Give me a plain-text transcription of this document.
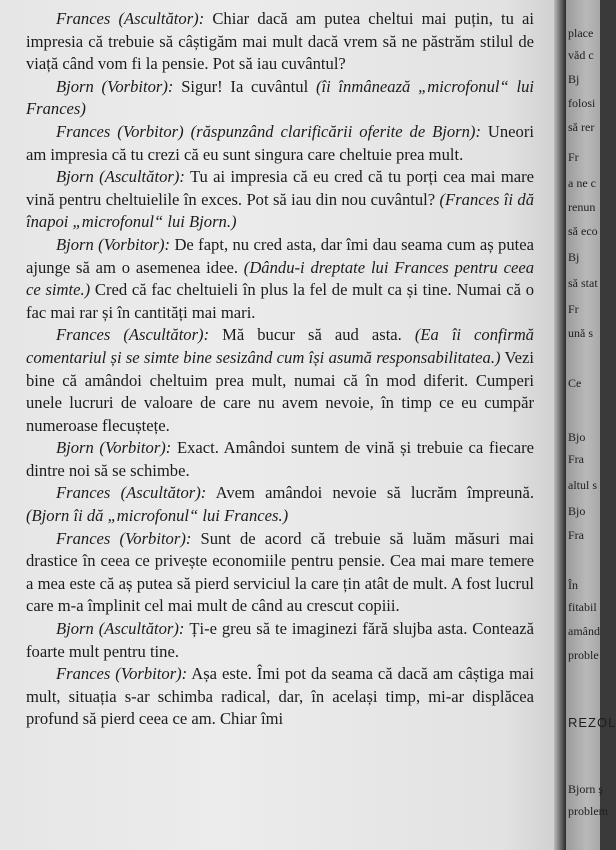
Frances (Ascultător): Chiar dacă am putea cheltui mai puțin, tu ai impresia că trebuie să câștigăm mai mult dacă vrem să ne păstrăm stilul de viață când vom fi la pensie. Pot să iau cuvântul?

Bjorn (Vorbitor): Sigur! Ia cuvântul (îi înmânează „microfonul“ lui Frances)

Frances (Vorbitor) (răspunzând clarificării oferite de Bjorn): Uneori am impresia că tu crezi că eu sunt singura care cheltuie prea mult.

Bjorn (Ascultător): Tu ai impresia că eu cred că tu porți cea mai mare vină pentru cheltuielile în exces. Pot să iau din nou cuvântul? (Frances îi dă înapoi „microfonul“ lui Bjorn.)

Bjorn (Vorbitor): De fapt, nu cred asta, dar îmi dau seama cum aș putea ajunge să am o asemenea idee. (Dându-i dreptate lui Frances pentru ceea ce simte.) Cred că fac cheltuieli în plus la fel de mult ca și tine. Numai că o fac mai rar și în cantități mai mari.

Frances (Ascultător): Mă bucur să aud asta. (Ea îi confirmă comentariul și se simte bine sesizând cum își asumă responsabilitatea.) Vezi bine că amândoi cheltuim prea mult, numai că în mod diferit. Cumperi unele lucruri de valoare de care nu avem nevoie, în timp ce eu cumpăr numeroase flecuștețe.

Bjorn (Vorbitor): Exact. Amândoi suntem de vină și trebuie ca fiecare dintre noi să se schimbe.

Frances (Ascultător): Avem amândoi nevoie să lucrăm împreună. (Bjorn îi dă „microfonul“ lui Frances.)

Frances (Vorbitor): Sunt de acord că trebuie să luăm măsuri mai drastice în ceea ce privește economiile pentru pensie. Cea mai mare temere a mea este că aș putea să pierd serviciul la care țin atât de mult. A fost lucrul care m-a împlinit cel mai mult de când au crescut copiii.

Bjorn (Ascultător): Ți-e greu să te imaginezi fără slujba asta. Contează foarte mult pentru tine.

Frances (Vorbitor): Așa este. Îmi pot da seama că dacă am câștiga mai mult, situația s-ar schimba radical, dar, în același timp, mi-ar displăcea profund să pierd ceea ce am. Chiar îmi

place
văd c
Bj
folosi
să rer
Fr
a ne c
renun
să eco
Bj
să stat
Fr
ună s
Ce
Bjo
Fra
altul s
Bjo
Fra
În
fitabil
amând
proble
REZOL
Bjorn ş
problem
